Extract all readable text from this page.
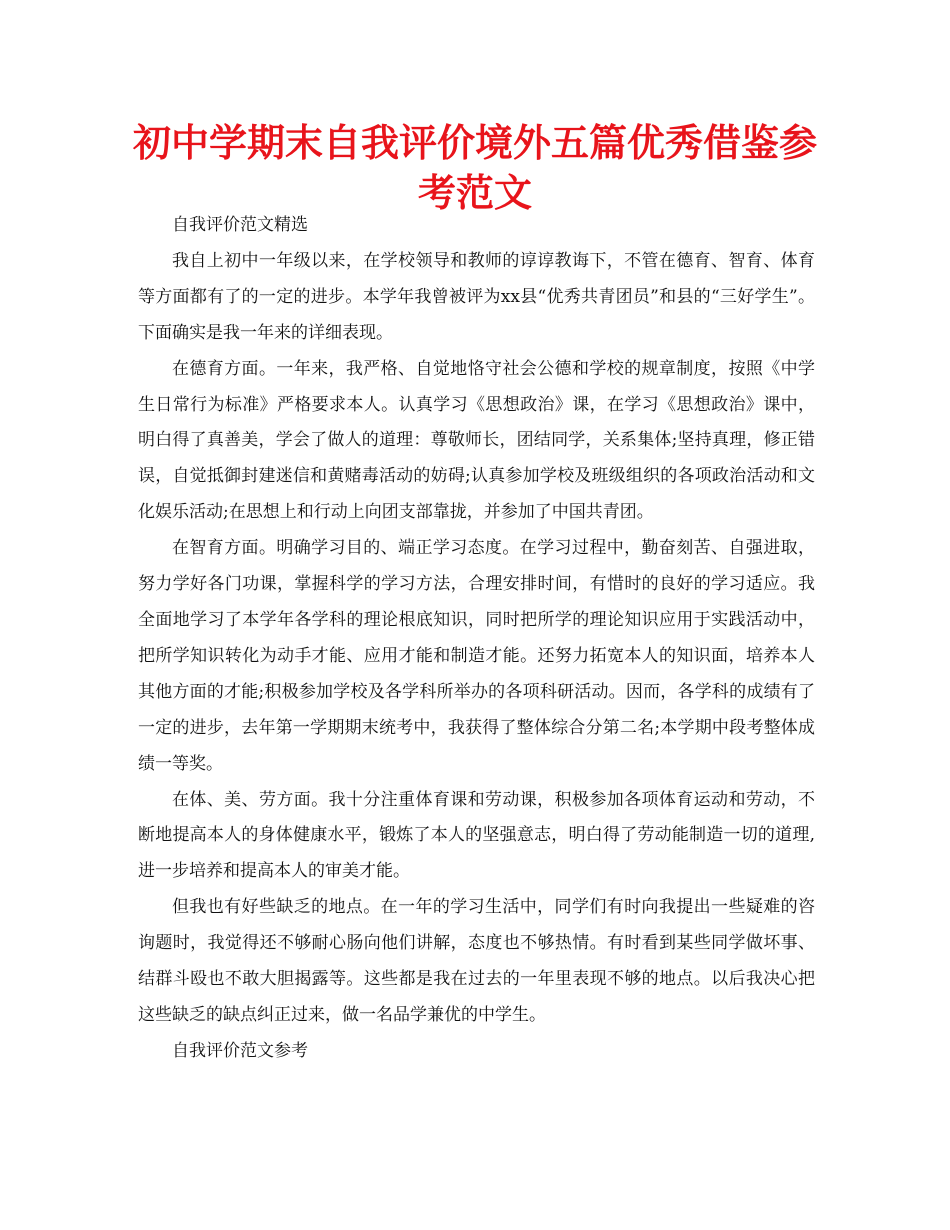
初中学期末自我评价境外五篇优秀借鉴参
考范文

自我评价范文精选

我自上初中一年级以来，在学校领导和教师的谆谆教诲下，不管在德育、智育、体育等方面都有了的一定的进步。本学年我曾被评为xx县“优秀共青团员”和县的“三好学生”。下面确实是我一年来的详细表现。

在德育方面。一年来，我严格、自觉地恪守社会公德和学校的规章制度，按照《中学生日常行为标准》严格要求本人。认真学习《思想政治》课，在学习《思想政治》课中，明白得了真善美，学会了做人的道理：尊敬师长，团结同学，关系集体;坚持真理，修正错误，自觉抵御封建迷信和黄赌毒活动的妨碍;认真参加学校及班级组织的各项政治活动和文化娱乐活动;在思想上和行动上向团支部靠拢，并参加了中国共青团。

在智育方面。明确学习目的、端正学习态度。在学习过程中，勤奋刻苦、自强进取，努力学好各门功课，掌握科学的学习方法，合理安排时间，有惜时的良好的学习适应。我全面地学习了本学年各学科的理论根底知识，同时把所学的理论知识应用于实践活动中，把所学知识转化为动手才能、应用才能和制造才能。还努力拓宽本人的知识面，培养本人其他方面的才能;积极参加学校及各学科所举办的各项科研活动。因而，各学科的成绩有了一定的进步，去年第一学期期末统考中，我获得了整体综合分第二名;本学期中段考整体成绩一等奖。

在体、美、劳方面。我十分注重体育课和劳动课，积极参加各项体育运动和劳动，不断地提高本人的身体健康水平，锻炼了本人的坚强意志，明白得了劳动能制造一切的道理,进一步培养和提高本人的审美才能。

但我也有好些缺乏的地点。在一年的学习生活中，同学们有时向我提出一些疑难的咨询题时，我觉得还不够耐心肠向他们讲解，态度也不够热情。有时看到某些同学做坏事、结群斗殴也不敢大胆揭露等。这些都是我在过去的一年里表现不够的地点。以后我决心把这些缺乏的缺点纠正过来，做一名品学兼优的中学生。

自我评价范文参考
